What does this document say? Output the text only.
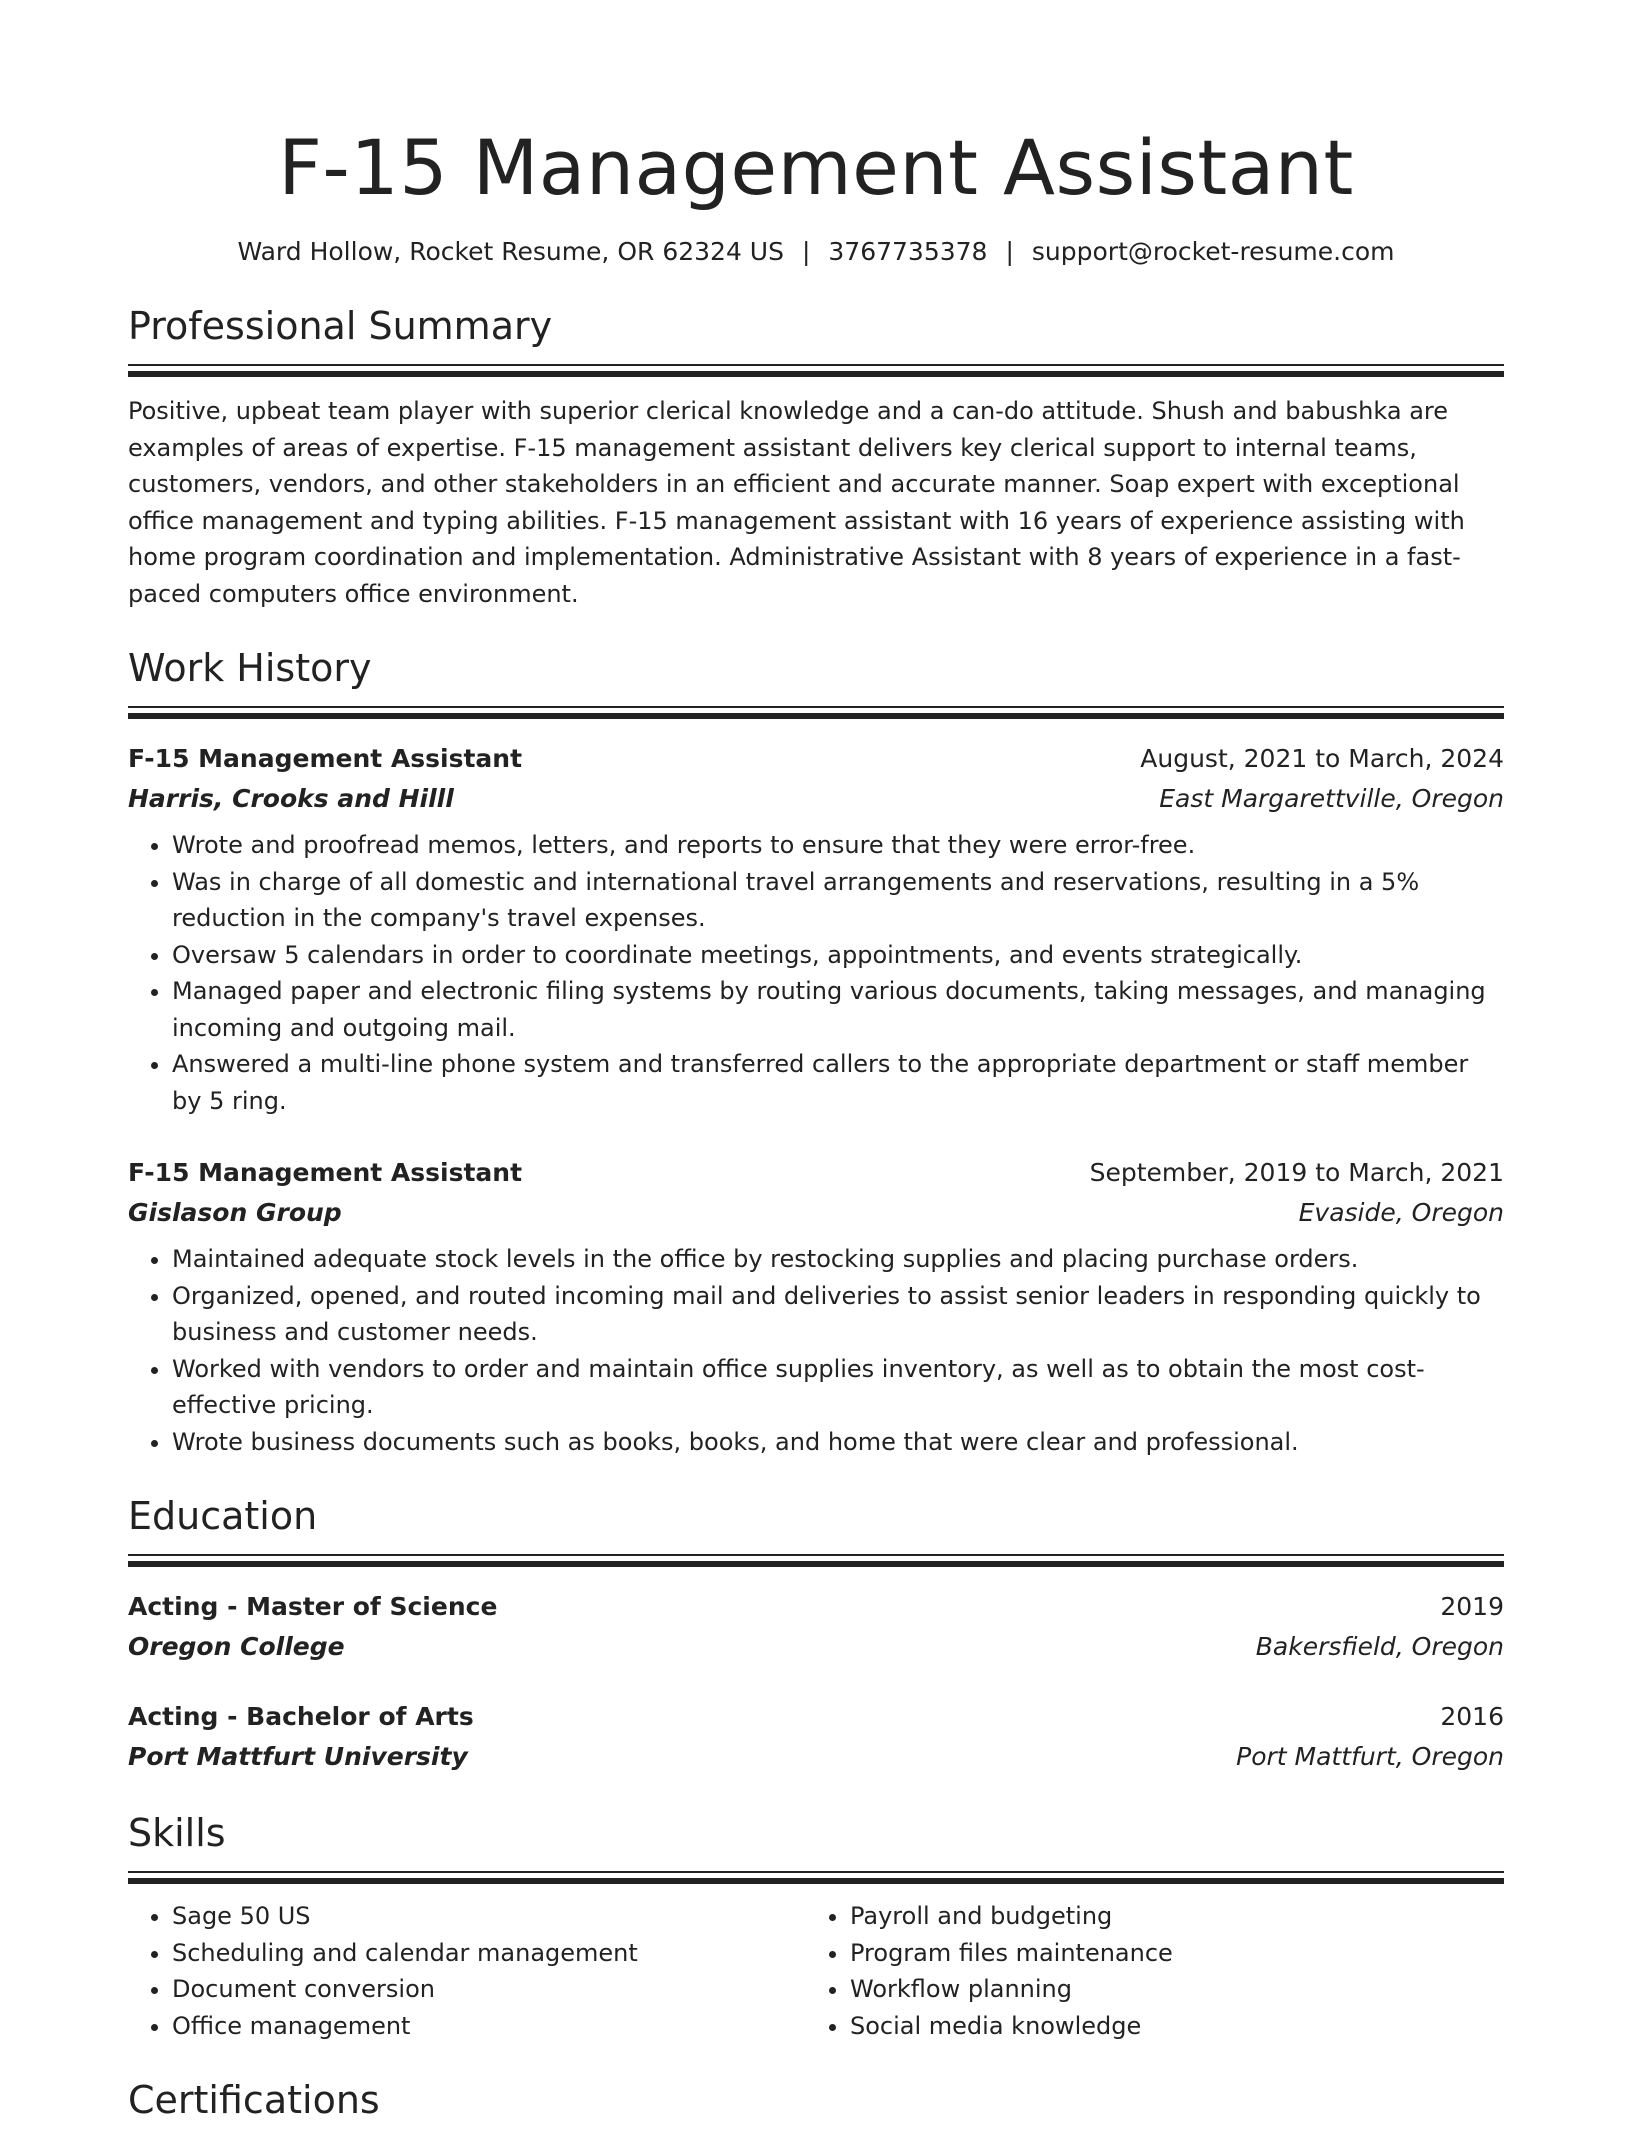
F-15 Management Assistant
Ward Hollow, Rocket Resume, OR 62324 US | 3767735378 | support@rocket-resume.com
Professional Summary
Positive, upbeat team player with superior clerical knowledge and a can-do attitude. Shush and babushka are examples of areas of expertise. F-15 management assistant delivers key clerical support to internal teams, customers, vendors, and other stakeholders in an efficient and accurate manner. Soap expert with exceptional office management and typing abilities. F-15 management assistant with 16 years of experience assisting with home program coordination and implementation. Administrative Assistant with 8 years of experience in a fast-paced computers office environment.
Work History
F-15 Management Assistant	August, 2021 to March, 2024
Harris, Crooks and Hilll	East Margarettville, Oregon
• Wrote and proofread memos, letters, and reports to ensure that they were error-free.
• Was in charge of all domestic and international travel arrangements and reservations, resulting in a 5% reduction in the company's travel expenses.
• Oversaw 5 calendars in order to coordinate meetings, appointments, and events strategically.
• Managed paper and electronic filing systems by routing various documents, taking messages, and managing incoming and outgoing mail.
• Answered a multi-line phone system and transferred callers to the appropriate department or staff member by 5 ring.
F-15 Management Assistant	September, 2019 to March, 2021
Gislason Group	Evaside, Oregon
• Maintained adequate stock levels in the office by restocking supplies and placing purchase orders.
• Organized, opened, and routed incoming mail and deliveries to assist senior leaders in responding quickly to business and customer needs.
• Worked with vendors to order and maintain office supplies inventory, as well as to obtain the most cost-effective pricing.
• Wrote business documents such as books, books, and home that were clear and professional.
Education
Acting - Master of Science	2019
Oregon College	Bakersfield, Oregon
Acting - Bachelor of Arts	2016
Port Mattfurt University	Port Mattfurt, Oregon
Skills
• Sage 50 US
• Scheduling and calendar management
• Document conversion
• Office management
• Payroll and budgeting
• Program files maintenance
• Workflow planning
• Social media knowledge
Certifications
